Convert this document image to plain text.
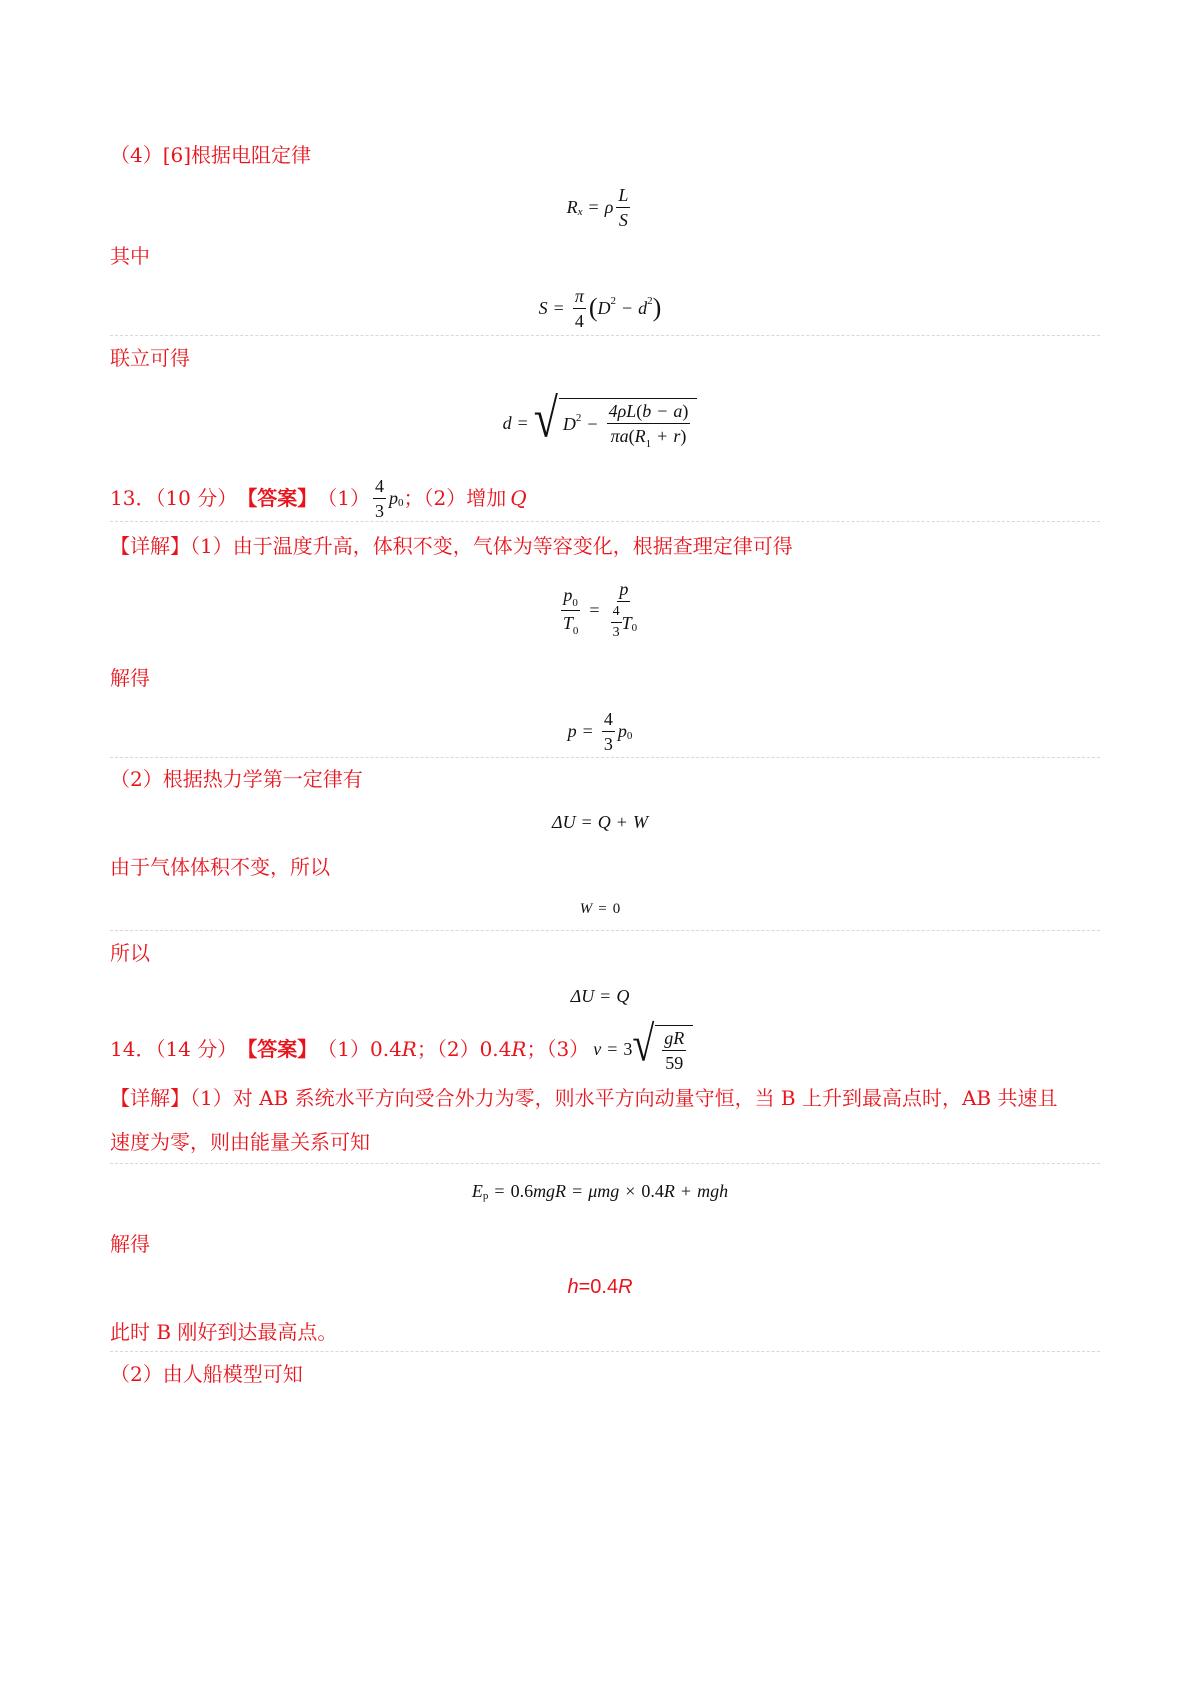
（4）[6]根据电阻定律
R x = ρ $\frac{L}{S}$
其中
$S = \frac{\pi}{4}$ ( D 2 − d 2 )
联立可得
d = √ D $2 - \frac{4\rho L(b - a)}{\pi a(R_1 + r)}$
13．（10 分） 【答案】 $(1) \frac{4}{3}$ p 0 ；（2）增加 Q
【详解】（1）由于温度升高，体积不变，气体为等容变化，根据查理定律可得
$\frac{p_0}{T_0} = \frac{p}{\frac{4}{3} T 0}$
解得
$p = \frac{4}{3}$ p 0
（2）根据热力学第一定律有
ΔU = Q + W
由于气体体积不变，所以
W = 0
所以
ΔU = Q
14．（14 分） 【答案】 （1）0.4 R ；（2）0.4 R ；（3） v = 3 √ $\frac{gR}{59}$
【详解】（1）对 AB 系统水平方向受合外力为零，则水平方向动量守恒，当 B 上升到最高点时，AB 共速且
速度为零，则由能量关系可知
E p = 0.6 mgR = μ mg × 0.4 R + mgh
解得
h=0.4R
此时 B 刚好到达最高点。
（2）由人船模型可知
